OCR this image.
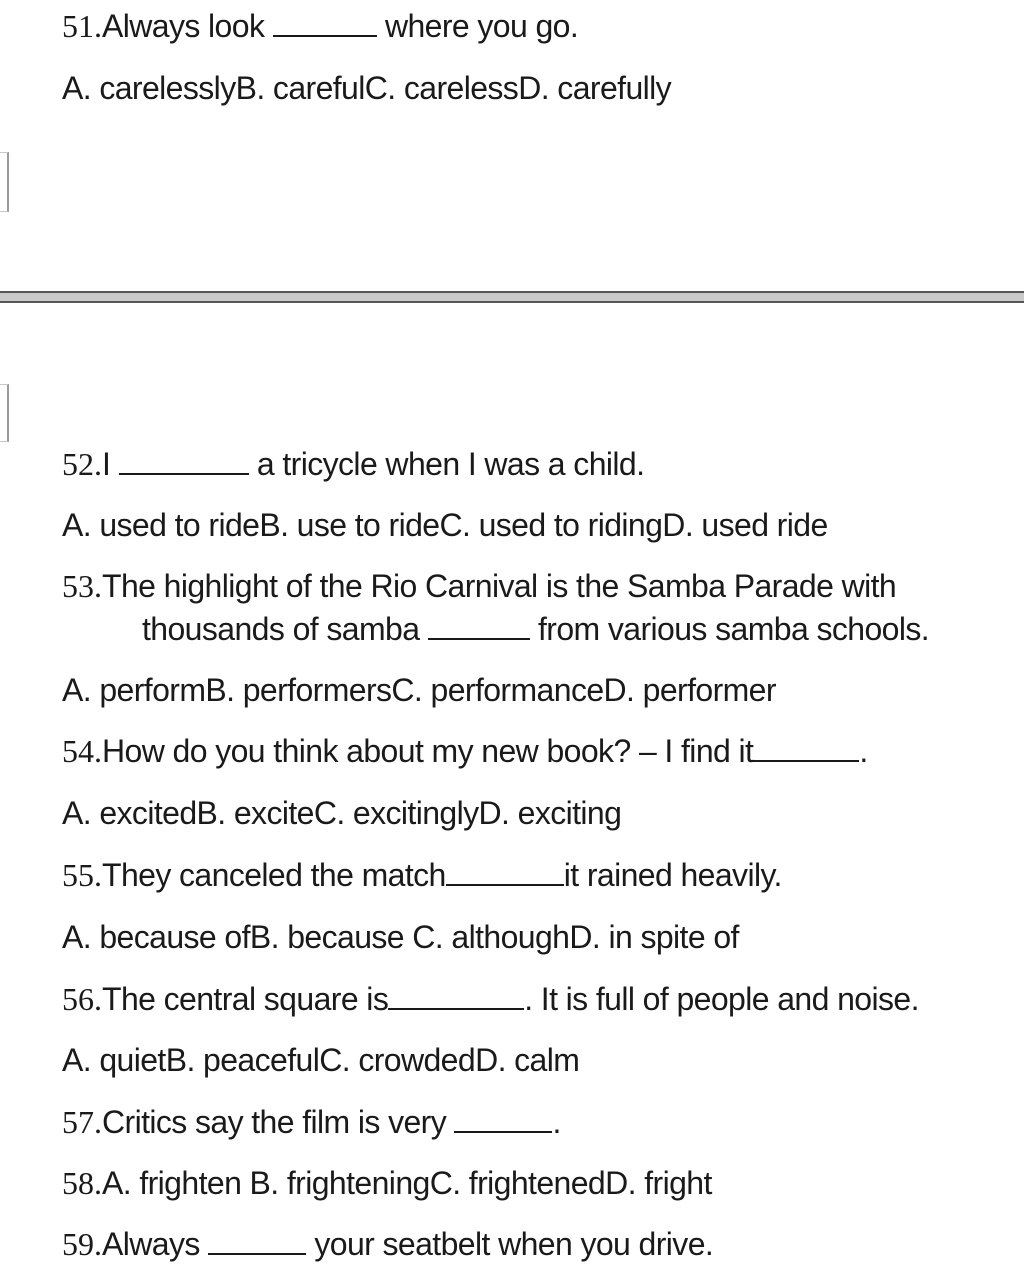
51.Always look	where you go.
A. carelesslyB. carefulC. carelessD. carefully
52.I	a tricycle when I was a child.
A. used to rideB. use to rideC. used to ridingD. used ride
53.The highlight of the Rio Carnival is the Samba Parade with
thousands of samba	from various samba schools.
A. performB. performersC. performanceD. performer
54.How do you think about my new book? – I find it	.
A. excitedB. exciteC. excitinglyD. exciting
55.They canceled the match	it rained heavily.
A. because ofB. because C. althoughD. in spite of
56.The central square is	. It is full of people and noise.
A. quietB. peacefulC. crowdedD. calm
57.Critics say the film is very	.
58.A. frighten B. frighteningC. frightenedD. fright
59.Always	your seatbelt when you drive.
